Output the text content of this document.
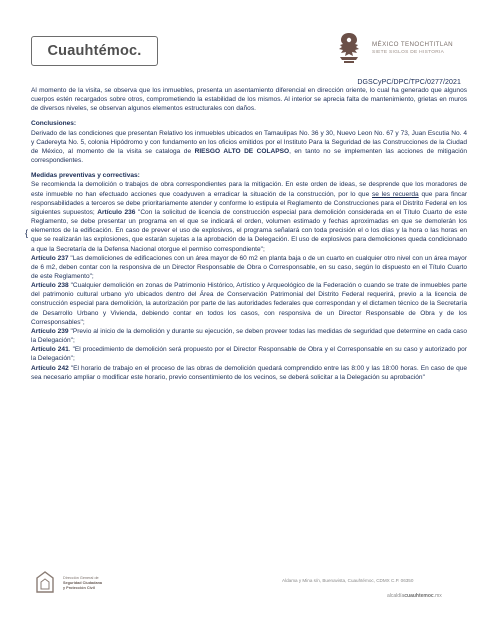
Cuauhtémoc .	MÉXICO TENOCHTITLAN
SIETE SIGLOS DE HISTORIA
DGSCyPC/DPC/TPC/0277/2021
{

Al momento de la visita, se observa que los inmuebles, presenta un asentamiento diferencial en dirección oriente, lo cual ha generado que algunos cuerpos estén recargados sobre otros, comprometiendo la estabilidad de los mismos. Al interior se aprecia falta de mantenimiento, grietas en muros de diversos niveles, se observan algunos elementos estructurales con daños.

Conclusiones:

Derivado de las condiciones que presentan Relativo los inmuebles ubicados en Tamaulipas No. 36 y 30, Nuevo Leon No. 67 y 73, Juan Escutia No. 4 y Cadereyta No. 5, colonia Hipódromo y con fundamento en los oficios emitidos por el Instituto Para la Seguridad de las Construcciones de la Ciudad de México, al momento de la visita se cataloga de RIESGO ALTO DE COLAPSO, en tanto no se implementen las acciones de mitigación correspondientes.

Medidas preventivas y correctivas:

Se recomienda la demolición o trabajos de obra correspondientes para la mitigación. En este orden de ideas, se desprende que los moradores de este inmueble no han efectuado acciones que coadyuven a erradicar la situación de la construcción, por lo que se les recuerda que para fincar responsabilidades a terceros se debe prioritariamente atender y conforme lo estipula el Reglamento de Construcciones para el Distrito Federal en los siguientes supuestos; Artículo 236 "Con la solicitud de licencia de construcción especial para demolición considerada en el Título Cuarto de este Reglamento, se debe presentar un programa en el que se indicará el orden, volumen estimado y fechas aproximadas en que se demolerán los elementos de la edificación. En caso de prever el uso de explosivos, el programa señalará con toda precisión el o los días y la hora o las horas en que se realizarán las explosiones, que estarán sujetas a la aprobación de la Delegación. El uso de explosivos para demoliciones queda condicionado a que la Secretaría de la Defensa Nacional otorgue el permiso correspondiente";

Artículo 237 "Las demoliciones de edificaciones con un área mayor de 60 m2 en planta baja o de un cuarto en cualquier otro nivel con un área mayor de 6 m2, deben contar con la responsiva de un Director Responsable de Obra o Corresponsable, en su caso, según lo dispuesto en el Título Cuarto de este Reglamento";

Artículo 238 "Cualquier demolición en zonas de Patrimonio Histórico, Artístico y Arqueológico de la Federación o cuando se trate de inmuebles parte del patrimonio cultural urbano y/o ubicados dentro del Área de Conservación Patrimonial del Distrito Federal requerirá, previo a la licencia de construcción especial para demolición, la autorización por parte de las autoridades federales que correspondan y el dictamen técnico de la Secretaría de Desarrollo Urbano y Vivienda, debiendo contar en todos los casos, con responsiva de un Director Responsable de Obra y de los Corresponsables";

Artículo 239 "Previo al inicio de la demolición y durante su ejecución, se deben proveer todas las medidas de seguridad que determine en cada caso la Delegación";

Artículo 241. "El procedimiento de demolición será propuesto por el Director Responsable de Obra y el Corresponsable en su caso y autorizado por la Delegación";

Artículo 242 "El horario de trabajo en el proceso de las obras de demolición quedará comprendido entre las 8:00 y las 18:00 horas. En caso de que sea necesario ampliar o modificar este horario, previo consentimiento de los vecinos, se deberá solicitar a la Delegación su aprobación"

Dirección General de
Seguridad Ciudadana
y Protección Civil
Aldama y Mina s/n, Buenavista, Cuauhtémoc, CDMX C.P. 06350
alcaldíacuauhtemoc.mx
